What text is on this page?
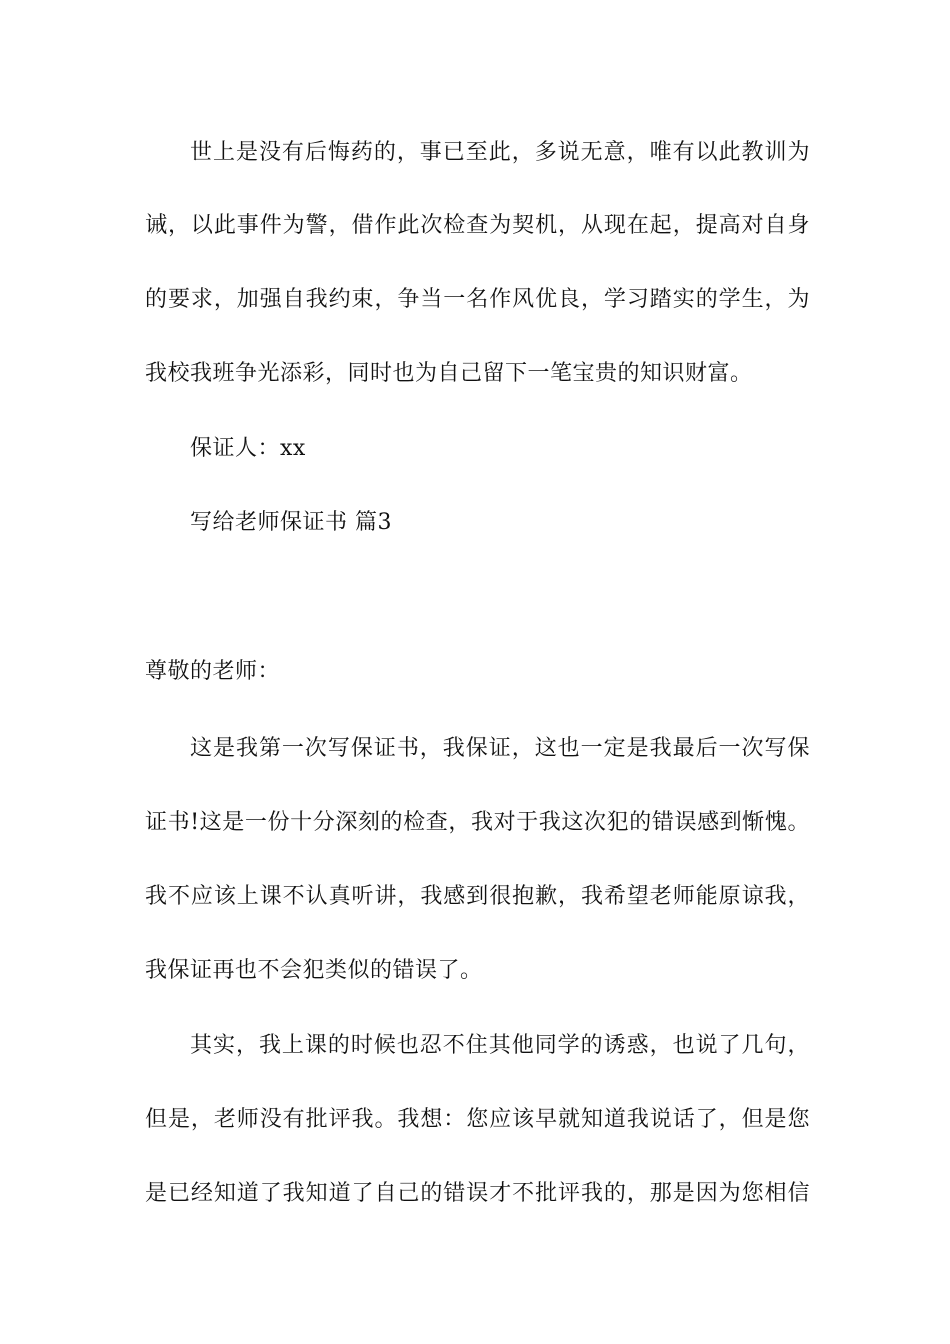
世上是没有后悔药的，事已至此，多说无意，唯有以此教训为
诫，以此事件为警，借作此次检查为契机，从现在起，提高对自身
的要求，加强自我约束，争当一名作风优良，学习踏实的学生，为
我校我班争光添彩，同时也为自己留下一笔宝贵的知识财富。
保证人：xx
写给老师保证书 篇3
尊敬的老师：
这是我第一次写保证书，我保证，这也一定是我最后一次写保
证书!这是一份十分深刻的检查，我对于我这次犯的错误感到惭愧。
我不应该上课不认真听讲，我感到很抱歉，我希望老师能原谅我，
我保证再也不会犯类似的错误了。
其实，我上课的时候也忍不住其他同学的诱惑，也说了几句，
但是，老师没有批评我。我想：您应该早就知道我说话了，但是您
是已经知道了我知道了自己的错误才不批评我的，那是因为您相信
